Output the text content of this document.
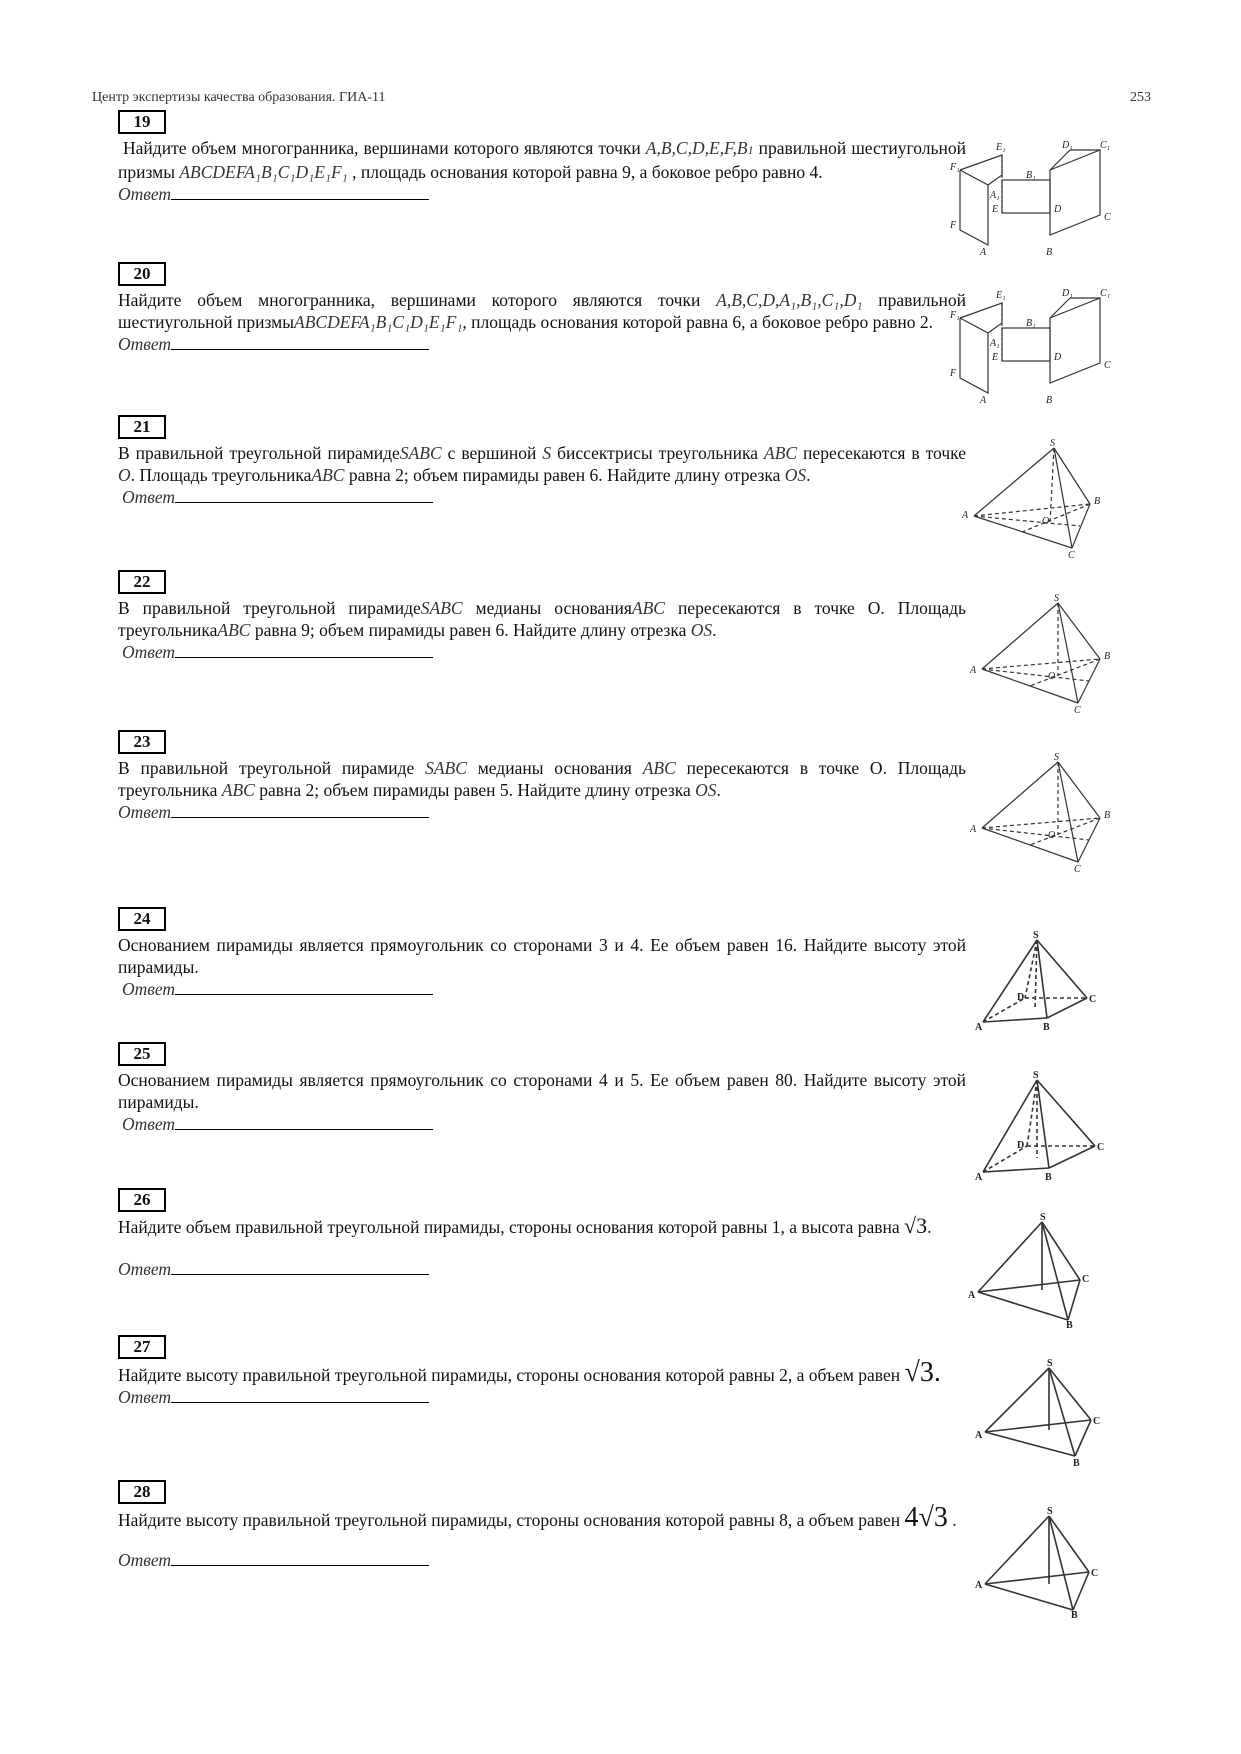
Центр экспертизы качества образования. ГИА-11	253
19
Найдите объем многогранника, вершинами которого являются точки A,B,C,D,E,F,B1 правильной шестиугольной призмы ABCDEFA₁B₁C₁D₁E₁F₁ , площадь основания которой равна 9, а боковое ребро равно 4.
Ответ
20
Найдите объем многогранника, вершинами которого являются точки A,B,C,D,A₁,B₁,C₁,D₁ правильной шестиугольной призмыABCDEFA₁B₁C₁D₁E₁F₁, площадь основания которой равна 6, а боковое ребро равно 2.
Ответ
21
В правильной треугольной пирамидеSABC с вершиной S биссектрисы треугольника ABC пересекаются в точке O. Площадь треугольникаABC равна 2; объем пирамиды равен 6. Найдите длину отрезка OS.
Ответ
22
В правильной треугольной пирамидеSABC медианы основанияABC пересекаются в точке О. Площадь треугольникаABC равна 9; объем пирамиды равен 6. Найдите длину отрезка OS.
Ответ
23
В правильной треугольной пирамиде SABC медианы основания ABC пересекаются в точке О. Площадь треугольника ABC равна 2; объем пирамиды равен 5. Найдите длину отрезка OS.
Ответ
24
Основанием пирамиды является прямоугольник со сторонами 3 и 4. Ее объем равен 16. Найдите высоту этой пирамиды.
Ответ
25
Основанием пирамиды является прямоугольник со сторонами 4 и 5. Ее объем равен 80. Найдите высоту этой пирамиды.
Ответ
26
Найдите объем правильной треугольной пирамиды, стороны основания которой равны 1, а высота равна √3.
Ответ
27
Найдите высоту правильной треугольной пирамиды, стороны основания которой равны 2, а объем равен √3.
Ответ
28
Найдите высоту правильной треугольной пирамиды, стороны основания которой равны 8, а объем равен 4√3 .
Ответ
F₁
E₁
A₁
B₁
D₁	C₁
F
E	D
C
A	B
F₁
E₁
A₁
B₁
D₁	C₁
F
E	D
C
A	B
S
A
B
C
O
S
A
B
C
O
S
A
B
C
O
S
D	C
A	B
S
D	C
A	B
S
A
C
B
S
A
C
B
S
A
C
B
